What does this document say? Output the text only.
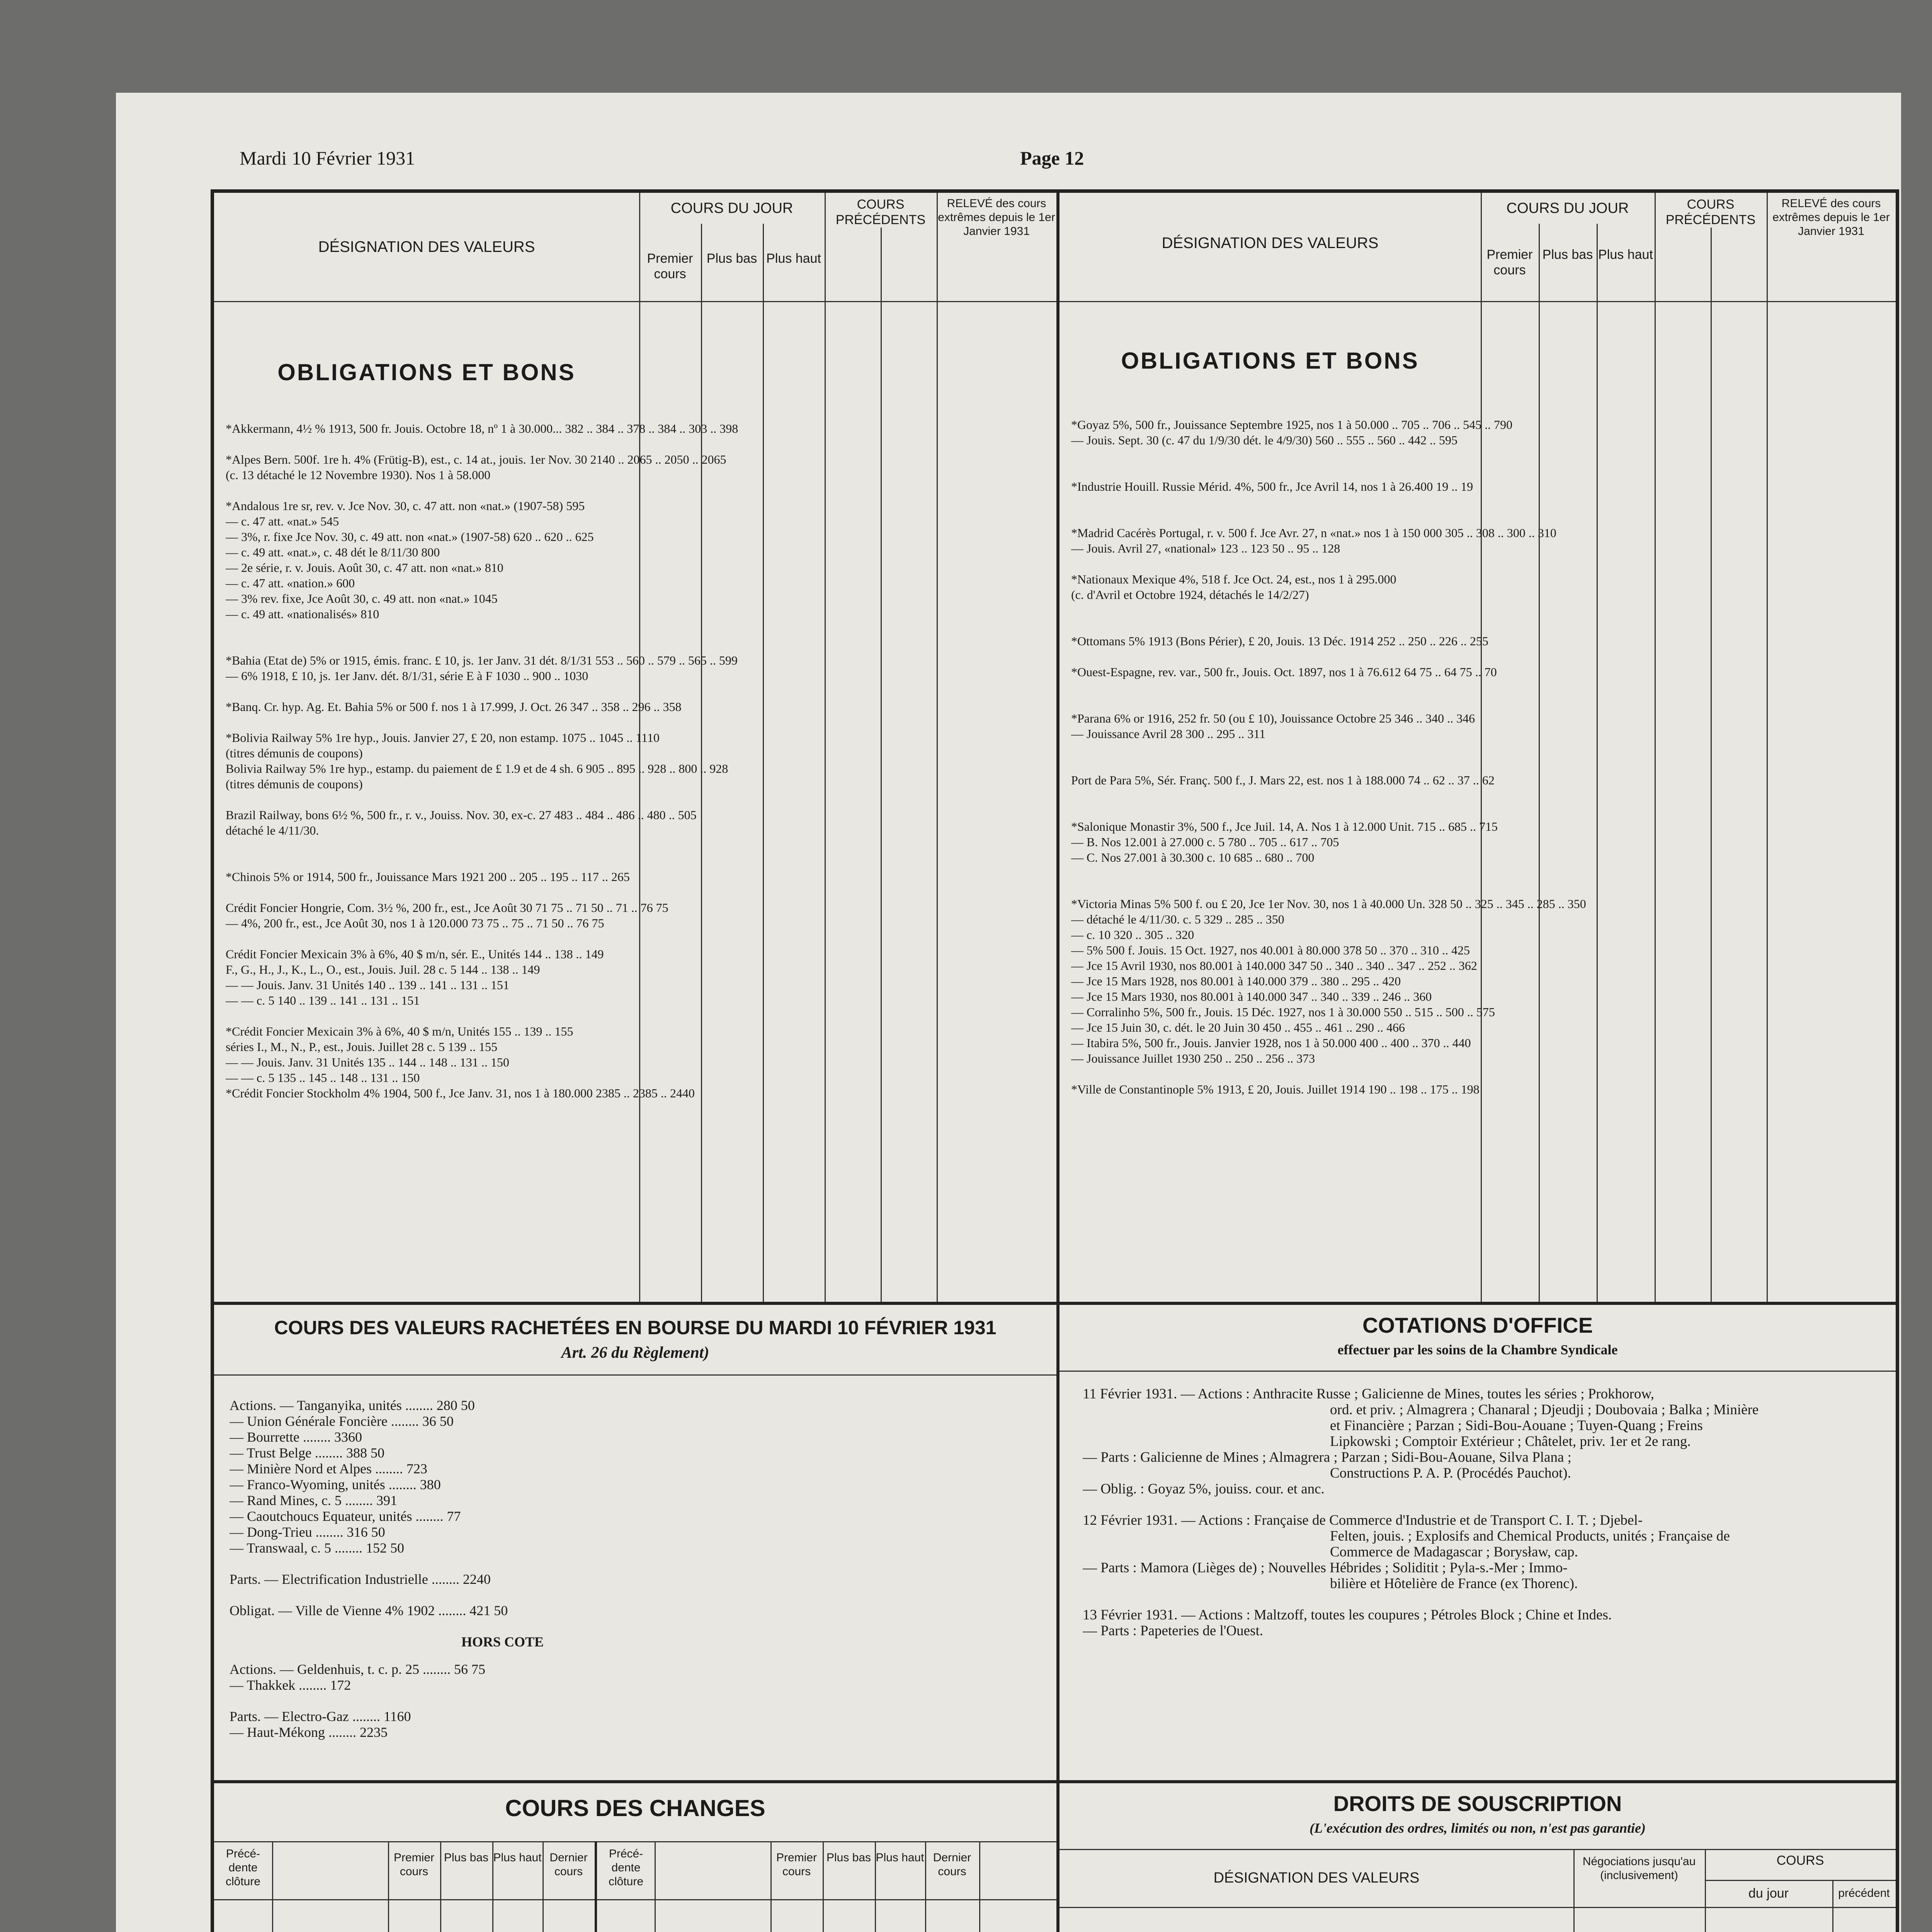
Mardi 10 Février 1931	Page 12
DÉSIGNATION DES VALEURS
COURS DU JOUR
Premier cours
Plus bas Plus haut
COURS PRÉCÉDENTS
RELEVÉ des cours extrêmes depuis le 1er Janvier 1931
OBLIGATIONS ET BONS
*Akkermann, 4½ % 1913, 500 fr. Jouis. Octobre 18, nº 1 à 30.000... 382 .. 384 .. 378 .. 384 .. 303 .. 398
*Alpes Bern. 500f. 1re h. 4% (Frütig-B), est., c. 14 at., jouis. 1er Nov. 30 2140 .. 2065 .. 2050 .. 2065
(c. 13 détaché le 12 Novembre 1930). Nos 1 à 58.000
*Andalous 1re sr, rev. v. Jce Nov. 30, c. 47 att. non «nat.» (1907-58) 595
— c. 47 att. «nat.» 545
— 3%, r. fixe Jce Nov. 30, c. 49 att. non «nat.» (1907-58) 620 .. 620 .. 625
— c. 49 att. «nat.», c. 48 dét le 8/11/30 800
— 2e série, r. v. Jouis. Août 30, c. 47 att. non «nat.» 810
— c. 47 att. «nation.» 600
— 3% rev. fixe, Jce Août 30, c. 49 att. non «nat.» 1045
— c. 49 att. «nationalisés» 810
*Bahia (Etat de) 5% or 1915, émis. franc. £ 10, js. 1er Janv. 31 dét. 8/1/31 553 .. 560 .. 579 .. 565 .. 599
— 6% 1918, £ 10, js. 1er Janv. dét. 8/1/31, série E à F 1030 .. 900 .. 1030
*Banq. Cr. hyp. Ag. Et. Bahia 5% or 500 f. nos 1 à 17.999, J. Oct. 26 347 .. 358 .. 296 .. 358
*Bolivia Railway 5% 1re hyp., Jouis. Janvier 27, £ 20, non estamp. 1075 .. 1045 .. 1110
(titres démunis de coupons)
Bolivia Railway 5% 1re hyp., estamp. du paiement de £ 1.9 et de 4 sh. 6 905 .. 895 .. 928 .. 800 .. 928
(titres démunis de coupons)
Brazil Railway, bons 6½ %, 500 fr., r. v., Jouiss. Nov. 30, ex-c. 27 483 .. 484 .. 486 .. 480 .. 505
détaché le 4/11/30.
*Chinois 5% or 1914, 500 fr., Jouissance Mars 1921 200 .. 205 .. 195 .. 117 .. 265
Crédit Foncier Hongrie, Com. 3½ %, 200 fr., est., Jce Août 30 71 75 .. 71 50 .. 71 .. 76 75
— 4%, 200 fr., est., Jce Août 30, nos 1 à 120.000 73 75 .. 75 .. 71 50 .. 76 75
Crédit Foncier Mexicain 3% à 6%, 40 $ m/n, sér. E., Unités 144 .. 138 .. 149
F., G., H., J., K., L., O., est., Jouis. Juil. 28 c. 5 144 .. 138 .. 149
— — Jouis. Janv. 31 Unités 140 .. 139 .. 141 .. 131 .. 151
— — c. 5 140 .. 139 .. 141 .. 131 .. 151
*Crédit Foncier Mexicain 3% à 6%, 40 $ m/n, Unités 155 .. 139 .. 155
séries I., M., N., P., est., Jouis. Juillet 28 c. 5 139 .. 155
— — Jouis. Janv. 31 Unités 135 .. 144 .. 148 .. 131 .. 150
— — c. 5 135 .. 145 .. 148 .. 131 .. 150
*Crédit Foncier Stockholm 4% 1904, 500 f., Jce Janv. 31, nos 1 à 180.000 2385 .. 2385 .. 2440
DÉSIGNATION DES VALEURS
COURS DU JOUR
Premier cours
Plus bas Plus haut
COURS PRÉCÉDENTS
RELEVÉ des cours extrêmes depuis le 1er Janvier 1931
OBLIGATIONS ET BONS
*Goyaz 5%, 500 fr., Jouissance Septembre 1925, nos 1 à 50.000 .. 705 .. 706 .. 545 .. 790
— Jouis. Sept. 30 (c. 47 du 1/9/30 dét. le 4/9/30) 560 .. 555 .. 560 .. 442 .. 595
*Industrie Houill. Russie Mérid. 4%, 500 fr., Jce Avril 14, nos 1 à 26.400 19 .. 19
*Madrid Cacérès Portugal, r. v. 500 f. Jce Avr. 27, n «nat.» nos 1 à 150 000 305 .. 308 .. 300 .. 310
— Jouis. Avril 27, «national» 123 .. 123 50 .. 95 .. 128
*Nationaux Mexique 4%, 518 f. Jce Oct. 24, est., nos 1 à 295.000
(c. d'Avril et Octobre 1924, détachés le 14/2/27)
*Ottomans 5% 1913 (Bons Périer), £ 20, Jouis. 13 Déc. 1914 252 .. 250 .. 226 .. 255
*Ouest-Espagne, rev. var., 500 fr., Jouis. Oct. 1897, nos 1 à 76.612 64 75 .. 64 75 .. 70
*Parana 6% or 1916, 252 fr. 50 (ou £ 10), Jouissance Octobre 25 346 .. 340 .. 346
— Jouissance Avril 28 300 .. 295 .. 311
Port de Para 5%, Sér. Franç. 500 f., J. Mars 22, est. nos 1 à 188.000 74 .. 62 .. 37 .. 62
*Salonique Monastir 3%, 500 f., Jce Juil. 14, A. Nos 1 à 12.000 Unit. 715 .. 685 .. 715
— B. Nos 12.001 à 27.000 c. 5 780 .. 705 .. 617 .. 705
— C. Nos 27.001 à 30.300 c. 10 685 .. 680 .. 700
*Victoria Minas 5% 500 f. ou £ 20, Jce 1er Nov. 30, nos 1 à 40.000 Un. 328 50 .. 325 .. 345 .. 285 .. 350
— détaché le 4/11/30. c. 5 329 .. 285 .. 350
— c. 10 320 .. 305 .. 320
— 5% 500 f. Jouis. 15 Oct. 1927, nos 40.001 à 80.000 378 50 .. 370 .. 310 .. 425
— Jce 15 Avril 1930, nos 80.001 à 140.000 347 50 .. 340 .. 340 .. 347 .. 252 .. 362
— Jce 15 Mars 1928, nos 80.001 à 140.000 379 .. 380 .. 295 .. 420
— Jce 15 Mars 1930, nos 80.001 à 140.000 347 .. 340 .. 339 .. 246 .. 360
— Corralinho 5%, 500 fr., Jouis. 15 Déc. 1927, nos 1 à 30.000 550 .. 515 .. 500 .. 575
— Jce 15 Juin 30, c. dét. le 20 Juin 30 450 .. 455 .. 461 .. 290 .. 466
— Itabira 5%, 500 fr., Jouis. Janvier 1928, nos 1 à 50.000 400 .. 400 .. 370 .. 440
— Jouissance Juillet 1930 250 .. 250 .. 256 .. 373
*Ville de Constantinople 5% 1913, £ 20, Jouis. Juillet 1914 190 .. 198 .. 175 .. 198
COURS DES VALEURS RACHETÉES EN BOURSE DU MARDI 10 FÉVRIER 1931
Art. 26 du Règlement)
Actions. — Tanganyika, unités ........ 280 50
— Union Générale Foncière ........ 36 50
— Bourrette ........ 3360
— Trust Belge ........ 388 50
— Minière Nord et Alpes ........ 723
— Franco-Wyoming, unités ........ 380
— Rand Mines, c. 5 ........ 391
— Caoutchoucs Equateur, unités ........ 77
— Dong-Trieu ........ 316 50
— Transwaal, c. 5 ........ 152 50
Parts. — Electrification Industrielle ........ 2240
Obligat. — Ville de Vienne 4% 1902 ........ 421 50
HORS COTE
Actions. — Geldenhuis, t. c. p. 25 ........ 56 75
— Thakkek ........ 172
Parts. — Electro-Gaz ........ 1160
— Haut-Mékong ........ 2235
COTATIONS D'OFFICE
effectuer par les soins de la Chambre Syndicale
11 Février 1931. — Actions : Anthracite Russe ; Galicienne de Mines, toutes les séries ; Prokhorow,
ord. et priv. ; Almagrera ; Chanaral ; Djeudji ; Doubovaia ; Balka ; Minière
et Financière ; Parzan ; Sidi-Bou-Aouane ; Tuyen-Quang ; Freins
Lipkowski ; Comptoir Extérieur ; Châtelet, priv. 1er et 2e rang.
— Parts : Galicienne de Mines ; Almagrera ; Parzan ; Sidi-Bou-Aouane, Silva Plana ;
Constructions P. A. P. (Procédés Pauchot).
— Oblig. : Goyaz 5%, jouiss. cour. et anc.
12 Février 1931. — Actions : Française de Commerce d'Industrie et de Transport C. I. T. ; Djebel-
Felten, jouis. ; Explosifs and Chemical Products, unités ; Française de
Commerce de Madagascar ; Borysław, cap.
— Parts : Mamora (Lièges de) ; Nouvelles Hébrides ; Soliditit ; Pyla-s.-Mer ; Immo-
bilière et Hôtelière de France (ex Thorenc).
13 Février 1931. — Actions : Maltzoff, toutes les coupures ; Pétroles Block ; Chine et Indes.
— Parts : Papeteries de l'Ouest.
COURS DES CHANGES
Précé- dente clôture
Premier cours
Plus bas Plus haut Dernier cours
Précé- dente clôture
Premier cours
Plus bas Plus haut Dernier cours
DROITS DE SOUSCRIPTION
(L'exécution des ordres, limités ou non, n'est pas garantie)
DÉSIGNATION DES VALEURS
Négociations jusqu'au (inclusivement)
COURS
du jour	précédent
